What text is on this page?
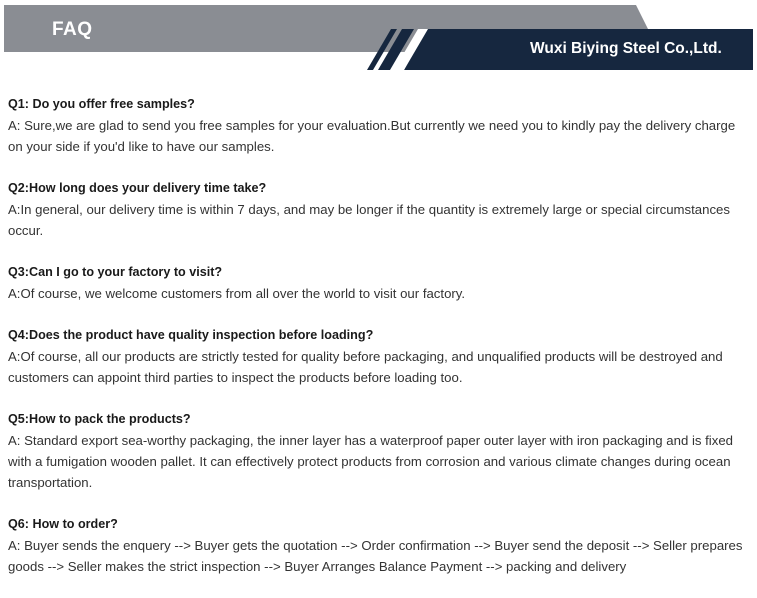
FAQ
Wuxi Biying Steel Co.,Ltd.

Q1: Do you offer free samples?

A: Sure,we are glad to send you free samples for your evaluation.But currently we need you to kindly pay the delivery charge on your side if you'd like to have our samples.

Q2:How long does your delivery time take?

A:In general, our delivery time is within 7 days, and may be longer if the quantity is extremely large or special circumstances occur.

Q3:Can I go to your factory to visit?

A:Of course, we welcome customers from all over the world to visit our factory.

Q4:Does the product have quality inspection before loading?

A:Of course, all our products are strictly tested for quality before packaging, and unqualified products will be destroyed and customers can appoint third parties to inspect the products before loading too.

Q5:How to pack the products?

A: Standard export sea-worthy packaging, the inner layer has a waterproof paper outer layer with iron packaging and is fixed with a fumigation wooden pallet. It can effectively protect products from corrosion and various climate changes during ocean transportation.

Q6: How to order?

A: Buyer sends the enquery --> Buyer gets the quotation --> Order confirmation --> Buyer send the deposit --> Seller prepares goods --> Seller makes the strict inspection --> Buyer Arranges Balance Payment --> packing and delivery
